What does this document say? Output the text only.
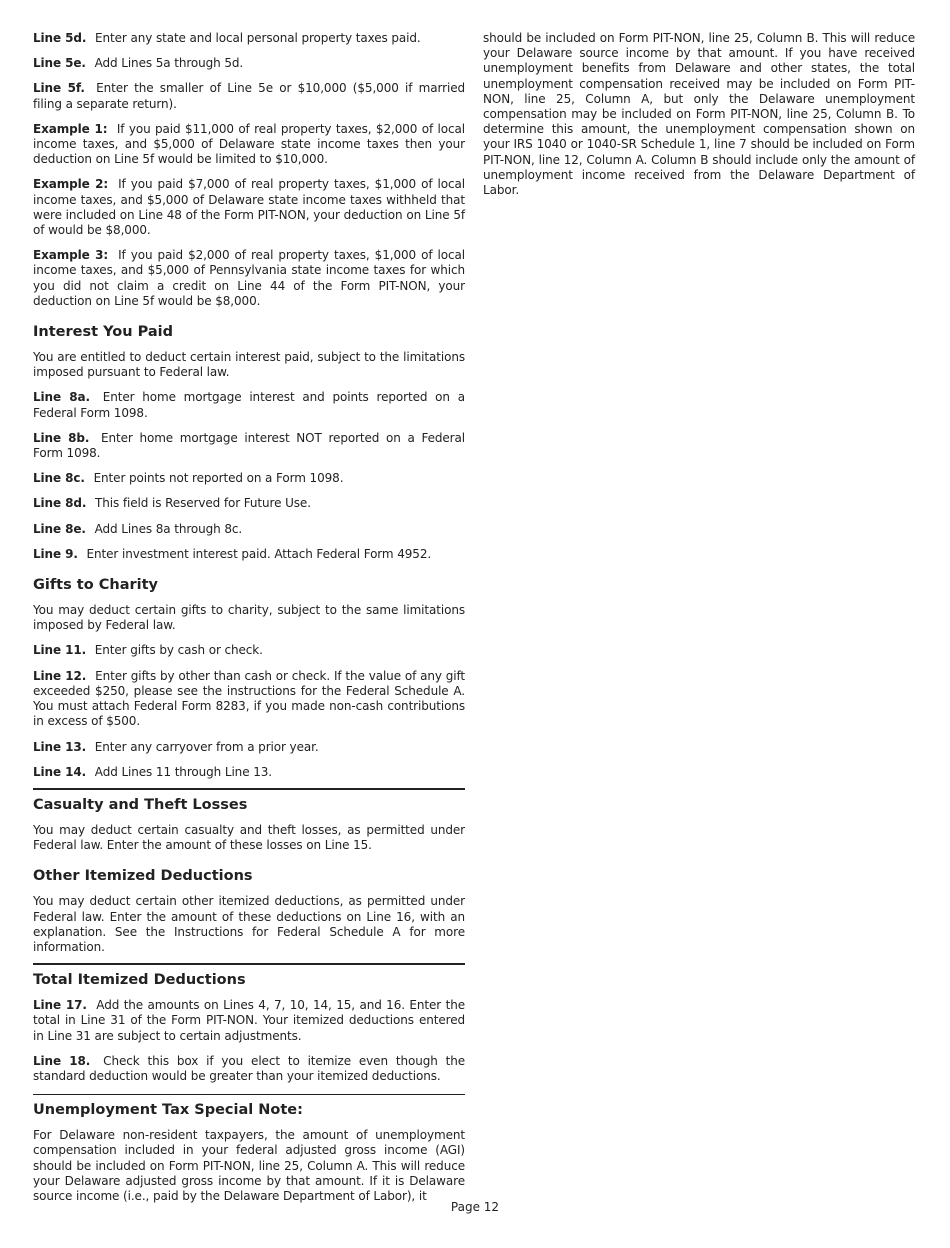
Line 5d. Enter any state and local personal property taxes paid.

Line 5e. Add Lines 5a through 5d.

Line 5f. Enter the smaller of Line 5e or $10,000 ($5,000 if married filing a separate return).

Example 1: If you paid $11,000 of real property taxes, $2,000 of local income taxes, and $5,000 of Delaware state income taxes then your deduction on Line 5f would be limited to $10,000.

Example 2: If you paid $7,000 of real property taxes, $1,000 of local income taxes, and $5,000 of Delaware state income taxes withheld that were included on Line 48 of the Form PIT-NON, your deduction on Line 5f of would be $8,000.

Example 3: If you paid $2,000 of real property taxes, $1,000 of local income taxes, and $5,000 of Pennsylvania state income taxes for which you did not claim a credit on Line 44 of the Form PIT-NON, your deduction on Line 5f would be $8,000.

Interest You Paid

You are entitled to deduct certain interest paid, subject to the limitations imposed pursuant to Federal law.

Line 8a. Enter home mortgage interest and points reported on a Federal Form 1098.

Line 8b. Enter home mortgage interest NOT reported on a Federal Form 1098.

Line 8c. Enter points not reported on a Form 1098.

Line 8d. This field is Reserved for Future Use.

Line 8e. Add Lines 8a through 8c.

Line 9. Enter investment interest paid. Attach Federal Form 4952.

Gifts to Charity

You may deduct certain gifts to charity, subject to the same limitations imposed by Federal law.

Line 11. Enter gifts by cash or check.

Line 12. Enter gifts by other than cash or check. If the value of any gift exceeded $250, please see the instructions for the Federal Schedule A. You must attach Federal Form 8283, if you made non-cash contributions in excess of $500.

Line 13. Enter any carryover from a prior year.

Line 14. Add Lines 11 through Line 13.

Casualty and Theft Losses

You may deduct certain casualty and theft losses, as permitted under Federal law. Enter the amount of these losses on Line 15.

Other Itemized Deductions

You may deduct certain other itemized deductions, as permitted under Federal law. Enter the amount of these deductions on Line 16, with an explanation. See the Instructions for Federal Schedule A for more information.

Total Itemized Deductions

Line 17. Add the amounts on Lines 4, 7, 10, 14, 15, and 16. Enter the total in Line 31 of the Form PIT-NON. Your itemized deductions entered in Line 31 are subject to certain adjustments.

Line 18. Check this box if you elect to itemize even though the standard deduction would be greater than your itemized deductions.

Unemployment Tax Special Note:

For Delaware non-resident taxpayers, the amount of unemployment compensation included in your federal adjusted gross income (AGI) should be included on Form PIT-NON, line 25, Column A. This will reduce your Delaware adjusted gross income by that amount. If it is Delaware source income (i.e., paid by the Delaware Department of Labor), it

should be included on Form PIT-NON, line 25, Column B. This will reduce your Delaware source income by that amount. If you have received unemployment benefits from Delaware and other states, the total unemployment compensation received may be included on Form PIT-NON, line 25, Column A, but only the Delaware unemployment compensation may be included on Form PIT-NON, line 25, Column B. To determine this amount, the unemployment compensation shown on your IRS 1040 or 1040-SR Schedule 1, line 7 should be included on Form PIT-NON, line 12, Column A. Column B should include only the amount of unemployment income received from the Delaware Department of Labor.

Page 12
